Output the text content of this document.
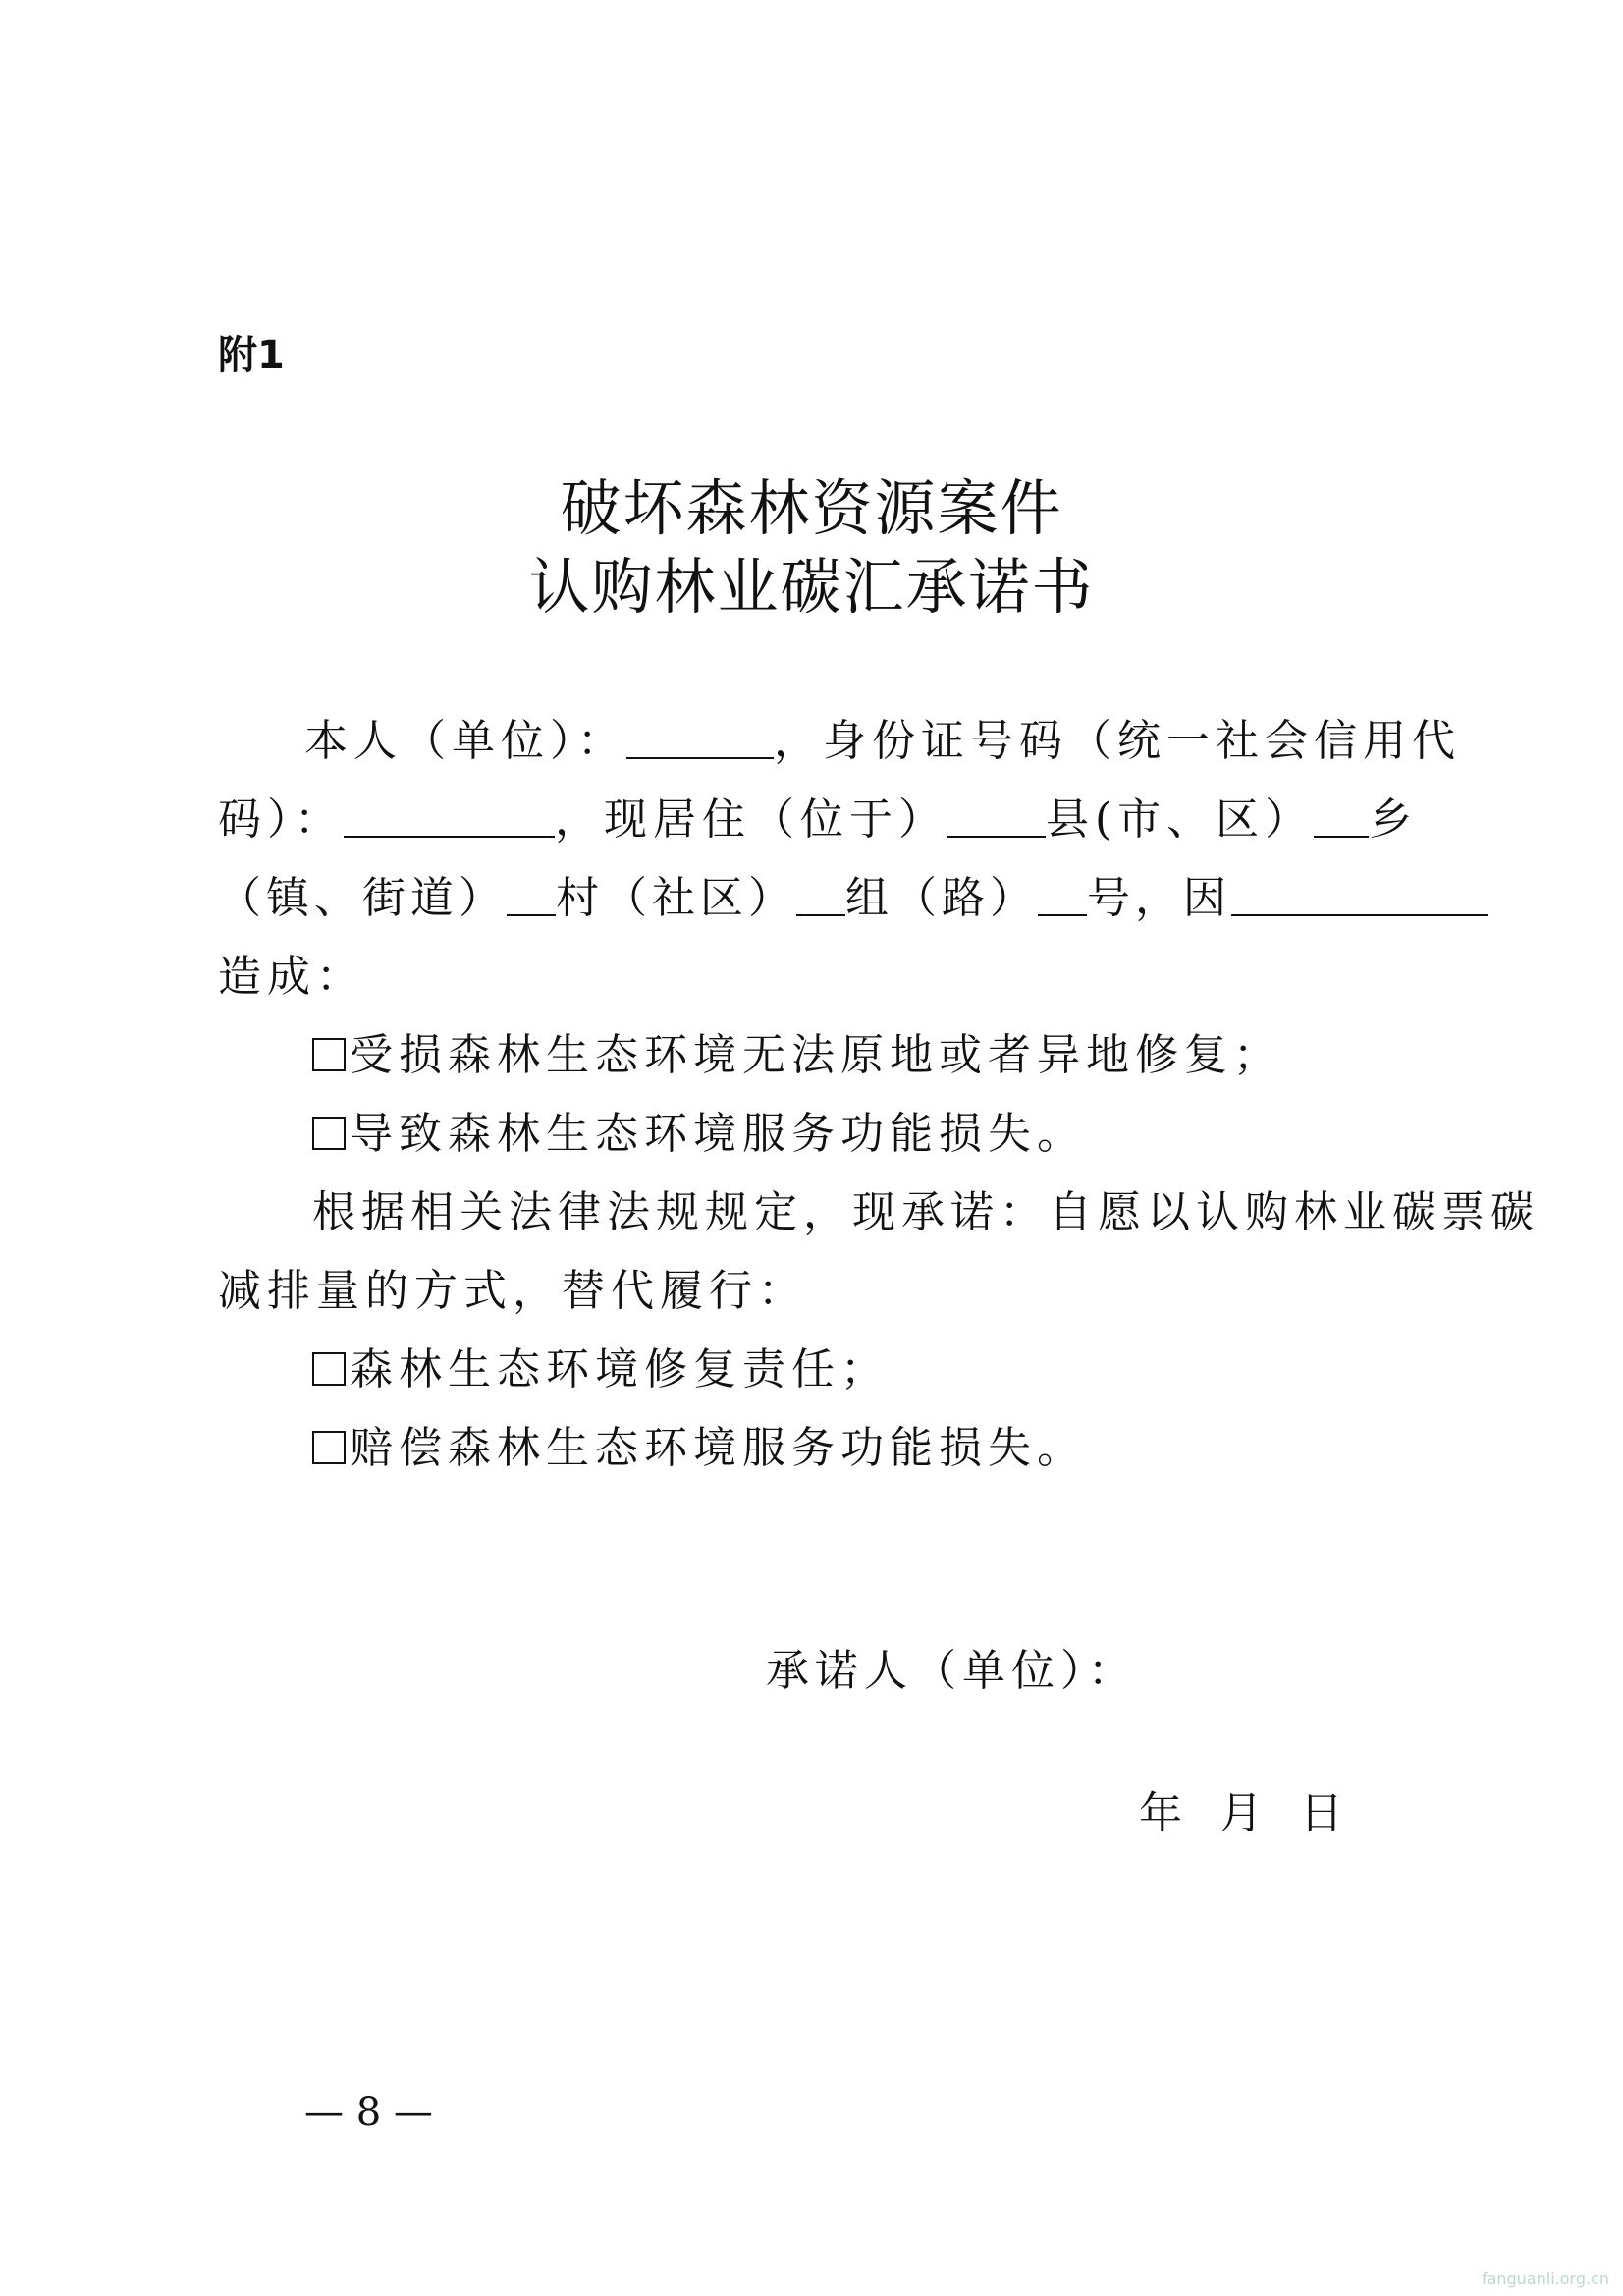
附1
破坏森林资源案件
认购林业碳汇承诺书
本人（单位）：	，身份证号码（统一社会信用代
码）：	，现居住（位于） 县(市、区） 乡
（镇、街道） 村（社区） 组（路） 号，因
造成：
受损森林生态环境无法原地或者异地修复；
导致森林生态环境服务功能损失。
根据相关法律法规规定，现承诺：自愿以认购林业碳票碳
减排量的方式，替代履行：
森林生态环境修复责任；
赔偿森林生态环境服务功能损失。
承诺人（单位）：
年 月 日
— 8 —
fanguanli.org.cn
